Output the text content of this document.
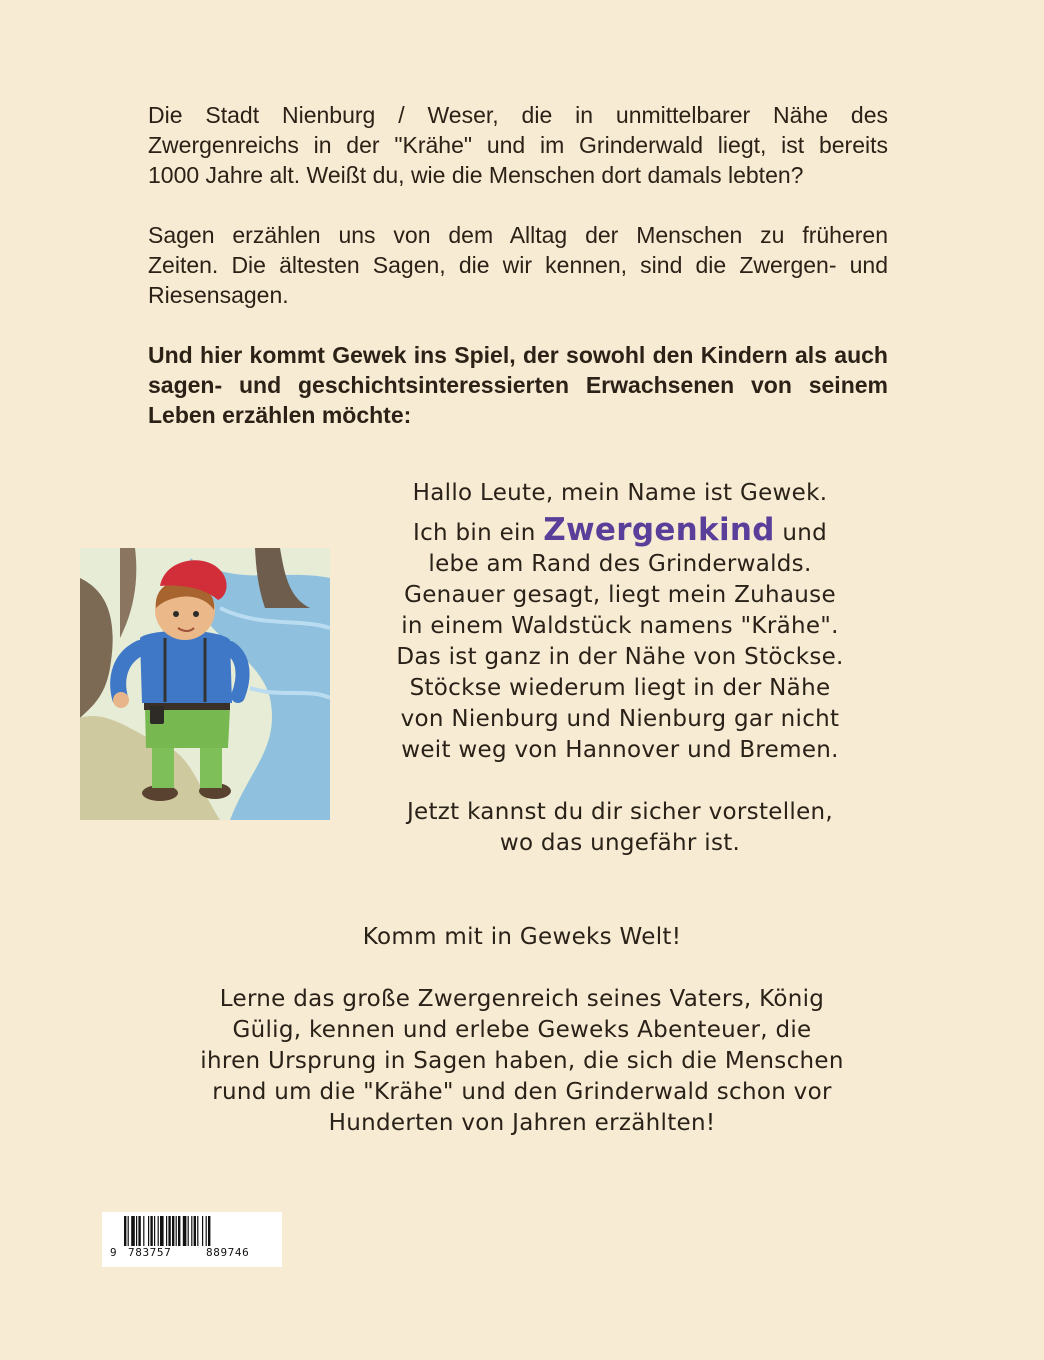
Die Stadt Nienburg / Weser, die in unmittelbarer Nähe des
Zwergenreichs in der "Krähe" und im Grinderwald liegt, ist bereits
1000 Jahre alt. Weißt du, wie die Menschen dort damals lebten?

Sagen erzählen uns von dem Alltag der Menschen zu früheren
Zeiten. Die ältesten Sagen, die wir kennen, sind die Zwergen- und
Riesensagen.

Und hier kommt Gewek ins Spiel, der sowohl den Kindern als auch
sagen- und geschichtsinteressierten Erwachsenen von seinem
Leben erzählen möchte:

Hallo Leute, mein Name ist Gewek.

Ich bin ein Zwergenkind und

lebe am Rand des Grinderwalds.

Genauer gesagt, liegt mein Zuhause

in einem Waldstück namens "Krähe".

Das ist ganz in der Nähe von Stöckse.

Stöckse wiederum liegt in der Nähe

von Nienburg und Nienburg gar nicht

weit weg von Hannover und Bremen.

Jetzt kannst du dir sicher vorstellen,

wo das ungefähr ist.

Komm mit in Geweks Welt!

Lerne das große Zwergenreich seines Vaters, König

Gülig, kennen und erlebe Geweks Abenteuer, die

ihren Ursprung in Sagen haben, die sich die Menschen

rund um die "Krähe" und den Grinderwald schon vor

Hunderten von Jahren erzählten!

9 783757	889746
